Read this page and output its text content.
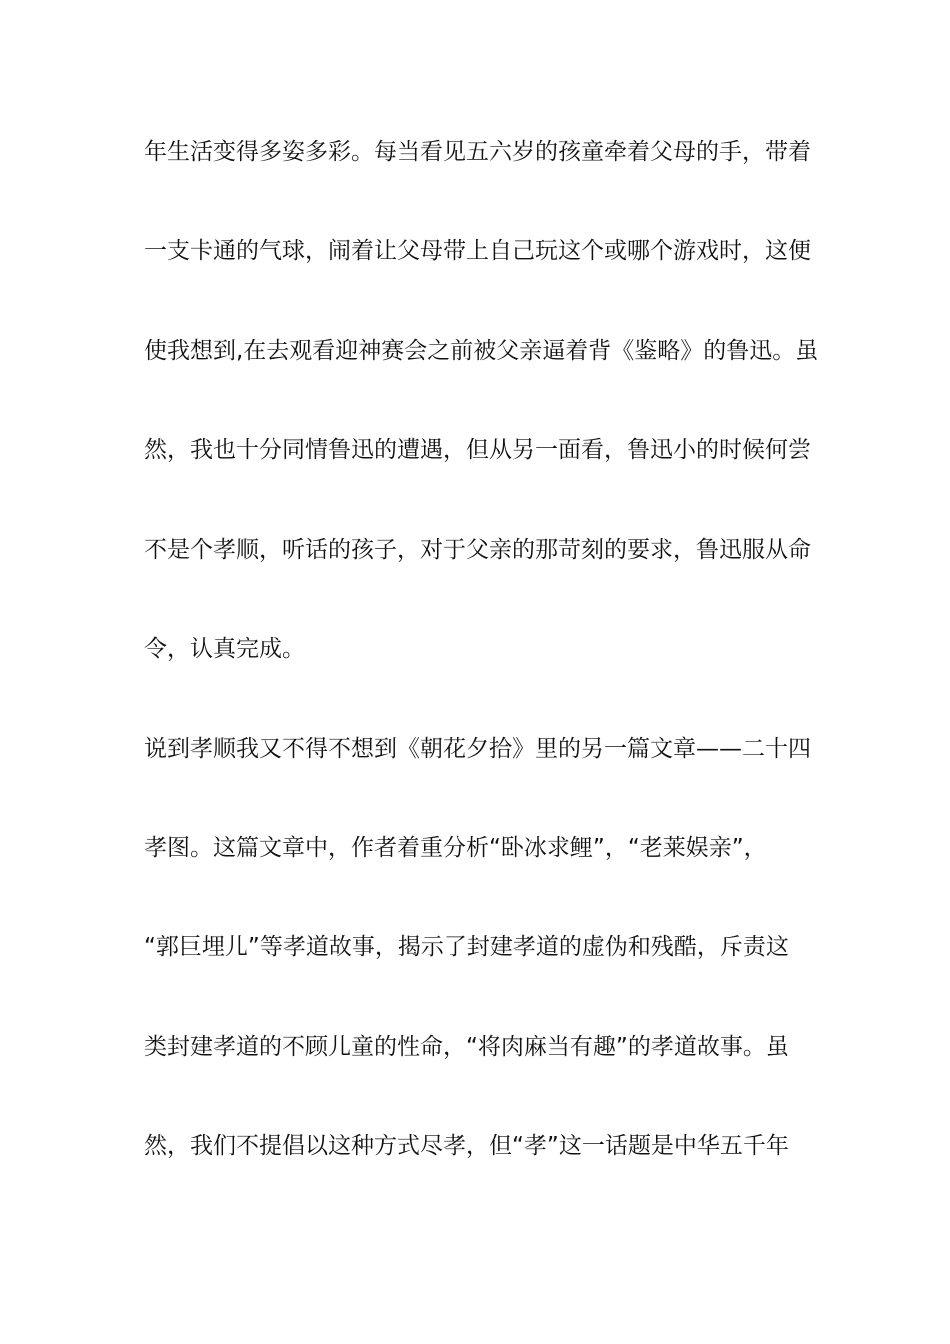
年生活变得多姿多彩。每当看见五六岁的孩童牵着父母的手，带着
一支卡通的气球，闹着让父母带上自己玩这个或哪个游戏时，这便
使我想到,在去观看迎神赛会之前被父亲逼着背《鉴略》的鲁迅。虽
然，我也十分同情鲁迅的遭遇，但从另一面看，鲁迅小的时候何尝
不是个孝顺，听话的孩子，对于父亲的那苛刻的要求，鲁迅服从命
令，认真完成。
说到孝顺我又不得不想到《朝花夕拾》里的另一篇文章——二十四
孝图。这篇文章中，作者着重分析“卧冰求鲤”，“老莱娱亲”，
“郭巨埋儿”等孝道故事，揭示了封建孝道的虚伪和残酷，斥责这
类封建孝道的不顾儿童的性命，“将肉麻当有趣”的孝道故事。虽
然，我们不提倡以这种方式尽孝，但“孝”这一话题是中华五千年
